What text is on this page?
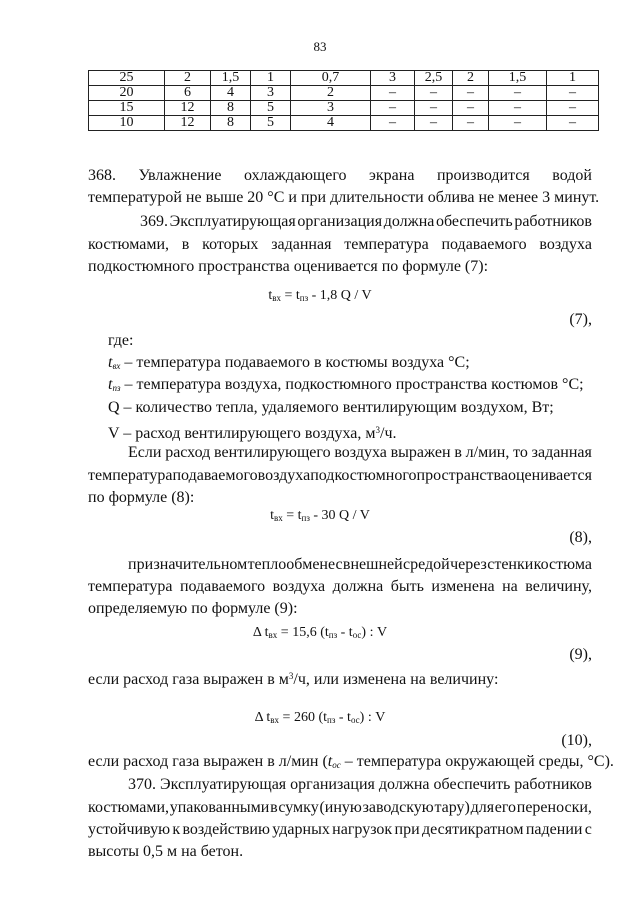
83
25	2	1,5	1	0,7	3	2,5	2	1,5	1
20	6	4	3	2	–	–	–	–	–
15	12	8	5	3	–	–	–	–	–
10	12	8	5	4	–	–	–	–	–
368. Увлажнение охлаждающего экрана производится водой
температурой не выше 20 °С и при длительности облива не менее 3 минут.
369. Эксплуатирующая организация должна обеспечить работников
костюмами, в которых заданная температура подаваемого воздуха
подкостюмного пространства оценивается по формуле (7):
$t_{вх} = t_{пз} - 1,8$ Q / V
(7),
где:
$t_{вх}$ – температура подаваемого в костюмы воздуха °С;
$t_{пз}$ – температура воздуха, подкостюмного пространства костюмов °С;
Q – количество тепла, удаляемого вентилирующим воздухом, Вт;
V – расход вентилирующего воздуха, $м^3/ч$.
Если расход вентилирующего воздуха выражен в л/мин, то заданная
температура подаваемого воздуха подкостюмного пространства оценивается
по формуле (8):
$t_{вх} = t_{пз} - 30$ Q / V
(8),
при значительном теплообмене с внешней средой через стенки костюма
температура подаваемого воздуха должна быть изменена на величину,
определяемую по формуле (9):
Δ $t_{вх} = 15,6$ $(t_{пз} - t_{ос})$ : V
(9),
если расход газа выражен в $м^3/ч$, или изменена на величину:
Δ $t_{вх} = 260$ $(t_{пз} - t_{ос})$ : V
(10),
если расход газа выражен в л/мин ($t_{ос}$ – температура окружающей среды, °С).
370. Эксплуатирующая организация должна обеспечить работников
костюмами, упакованными в сумку (иную заводскую тару) для его переноски,
устойчивую к воздействию ударных нагрузок при десятикратном падении с
высоты 0,5 м на бетон.
